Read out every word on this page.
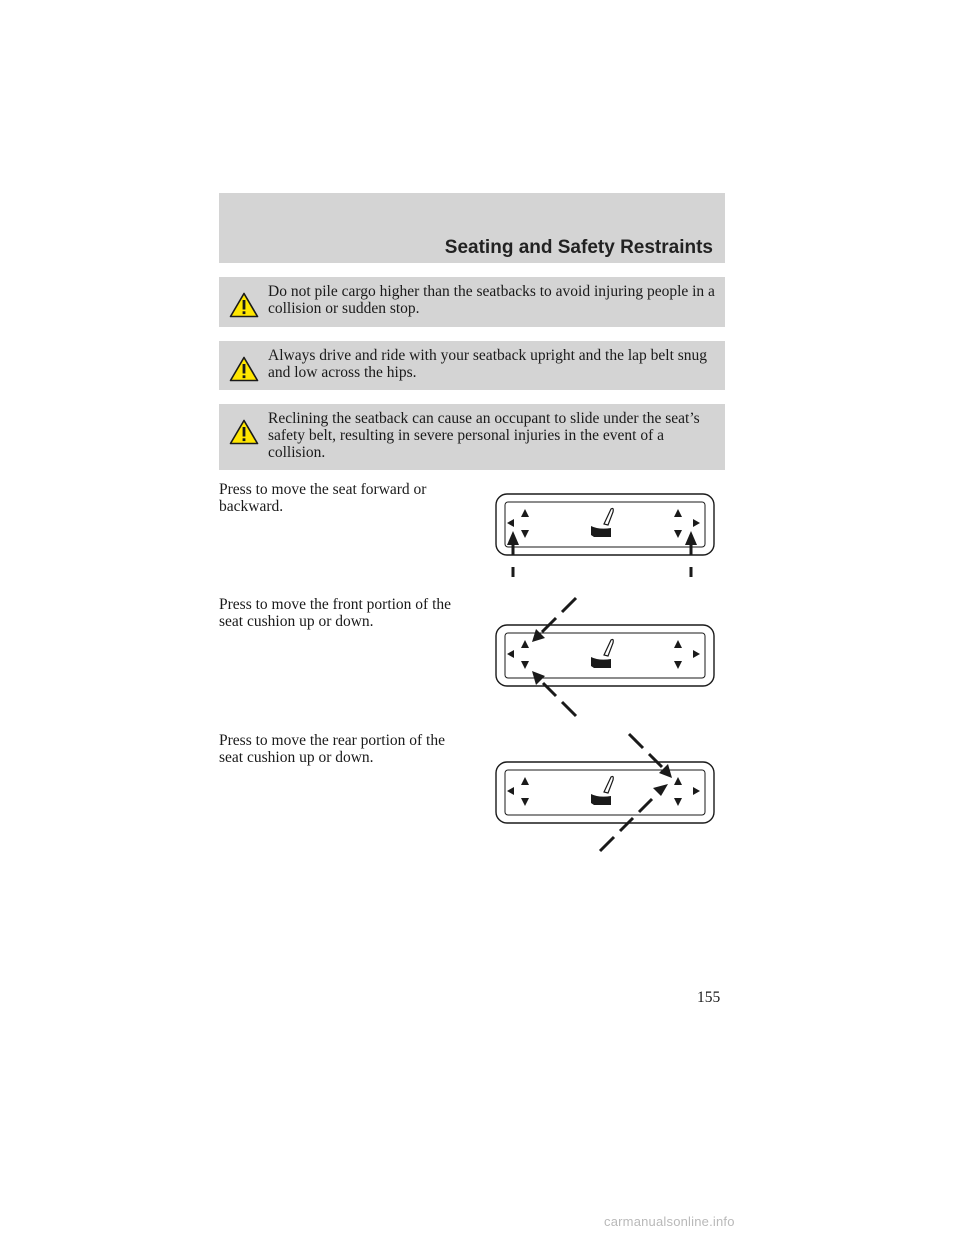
Seating and Safety Restraints
Do not pile cargo higher than the seatbacks to avoid injuring people in a collision or sudden stop.
Always drive and ride with your seatback upright and the lap belt snug and low across the hips.
Reclining the seatback can cause an occupant to slide under the seat’s safety belt, resulting in severe personal injuries in the event of a collision.
Press to move the seat forward or backward.
Press to move the front portion of the seat cushion up or down.
Press to move the rear portion of the seat cushion up or down.
155
carmanualsonline.info
